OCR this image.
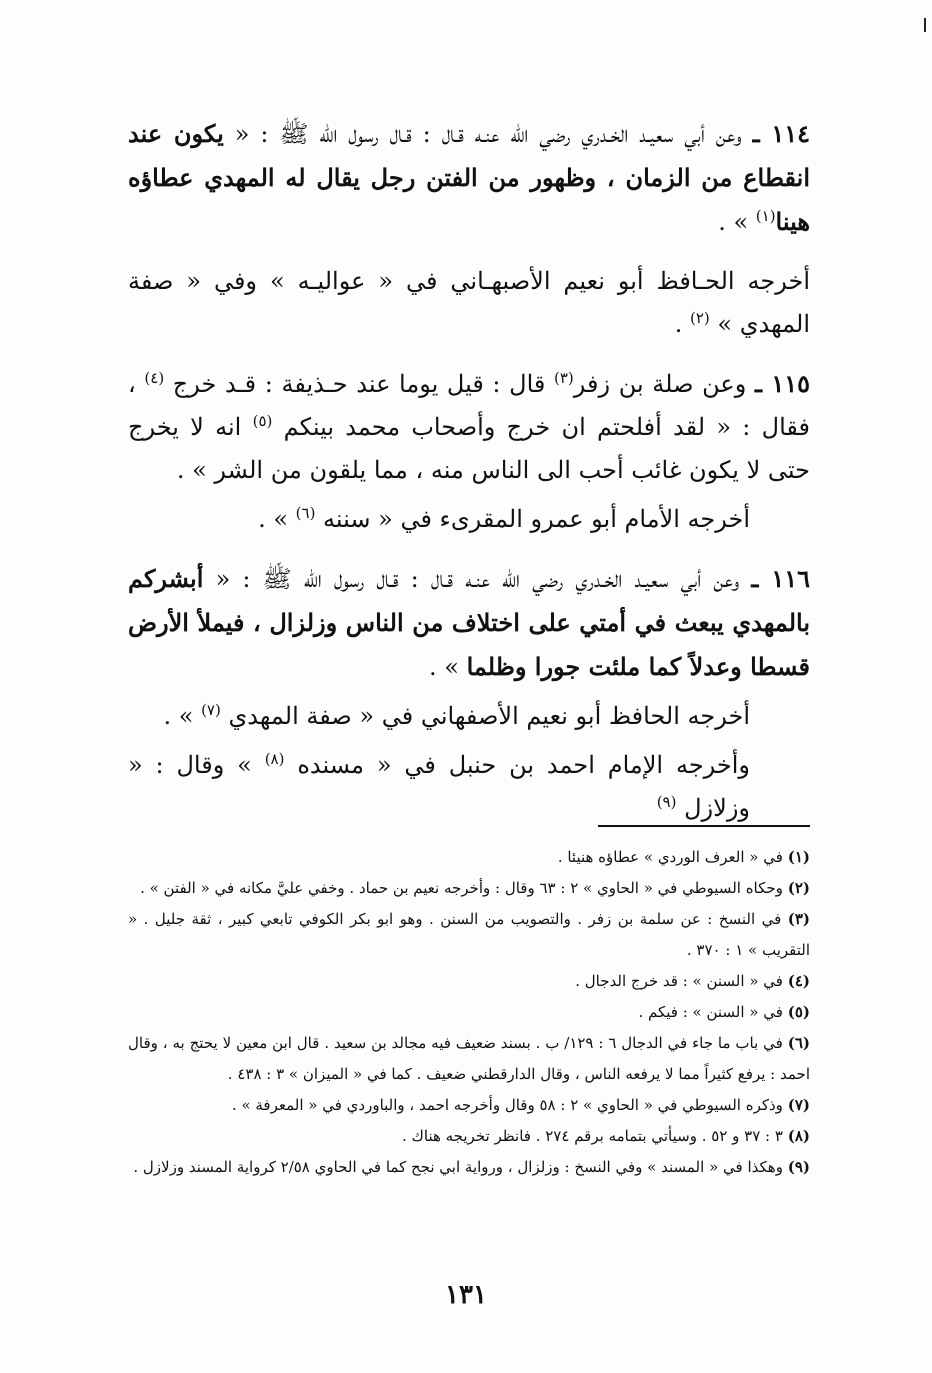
١١٤ ـ وعن أبي سعيـد الخـدري رضي الله عنـه قـال : قـال رسول الله ﷺ : « يكون عند انقطاع من الزمان ، وظهور من الفتن رجل يقال له المهدي عطاؤه هينا$^{(١)}$ » .

أخرجه الحـافظ أبو نعيم الأصبهـاني في « عواليـه » وفي « صفة المهدي » $^{(٢)}$ .

١١٥ ـ وعن صلة بن زفر$^{(٣)}$ قال : قيل يوما عند حـذيفة : قـد خرج $^{(٤)}$ ، فقال : « لقد أفلحتم ان خرج وأصحاب محمد بينكم $^{(٥)}$ انه لا يخرج حتى لا يكون غائب أحب الى الناس منه ، مما يلقون من الشر » .

أخرجه الأمام أبو عمرو المقرىء في « سننه $^{(٦)}$ » .

١١٦ ـ وعن أبي سعيـد الخـدري رضي الله عنـه قـال : قـال رسول الله ﷺ : « أبشركم بالمهدي يبعث في أمتي على اختلاف من الناس وزلزال ، فيملأ الأرض قسطا وعدلاً كما ملئت جورا وظلما » .

أخرجه الحافظ أبو نعيم الأصفهاني في « صفة المهدي $^{(٧)}$ » .

وأخرجه الإمام احمد بن حنبل في « مسنده $^{(٨)}$ » وقال : « وزلازل $^{(٩)}$

(١) في « العرف الوردي » عطاؤه هنيئا .

(٢) وحكاه السيوطي في « الحاوي » ٢ : ٦٣ وقال : وأخرجه نعيم بن حماد . وخفي عليَّ مكانه في « الفتن » .

(٣) في النسخ : عن سلمة بن زفر . والتصويب من السنن . وهو ابو بكر الكوفي تابعي كبير ، ثقة جليل . « التقريب » ١ : ٣٧٠ .

(٤) في « السنن » : قد خرج الدجال .

(٥) في « السنن » : فيكم .

(٦) في باب ما جاء في الدجال ٦ : ١٢٩/ ب . بسند ضعيف فيه مجالد بن سعيد . قال ابن معين لا يحتج به ، وقال احمد : يرفع كثيراً مما لا يرفعه الناس ، وقال الدارقطني ضعيف . كما في « الميزان » ٣ : ٤٣٨ .

(٧) وذكره السيوطي في « الحاوي » ٢ : ٥٨ وقال وأخرجه احمد ، والباوردي في « المعرفة » .

(٨) ٣ : ٣٧ و ٥٢ . وسيأتي بتمامه برقم ٢٧٤ . فانظر تخريجه هناك .

(٩) وهكذا في « المسند » وفي النسخ : وزلزال ، ورواية ابي نجح كما في الحاوي ٢/٥٨ كرواية المسند وزلازل .

١٣١
